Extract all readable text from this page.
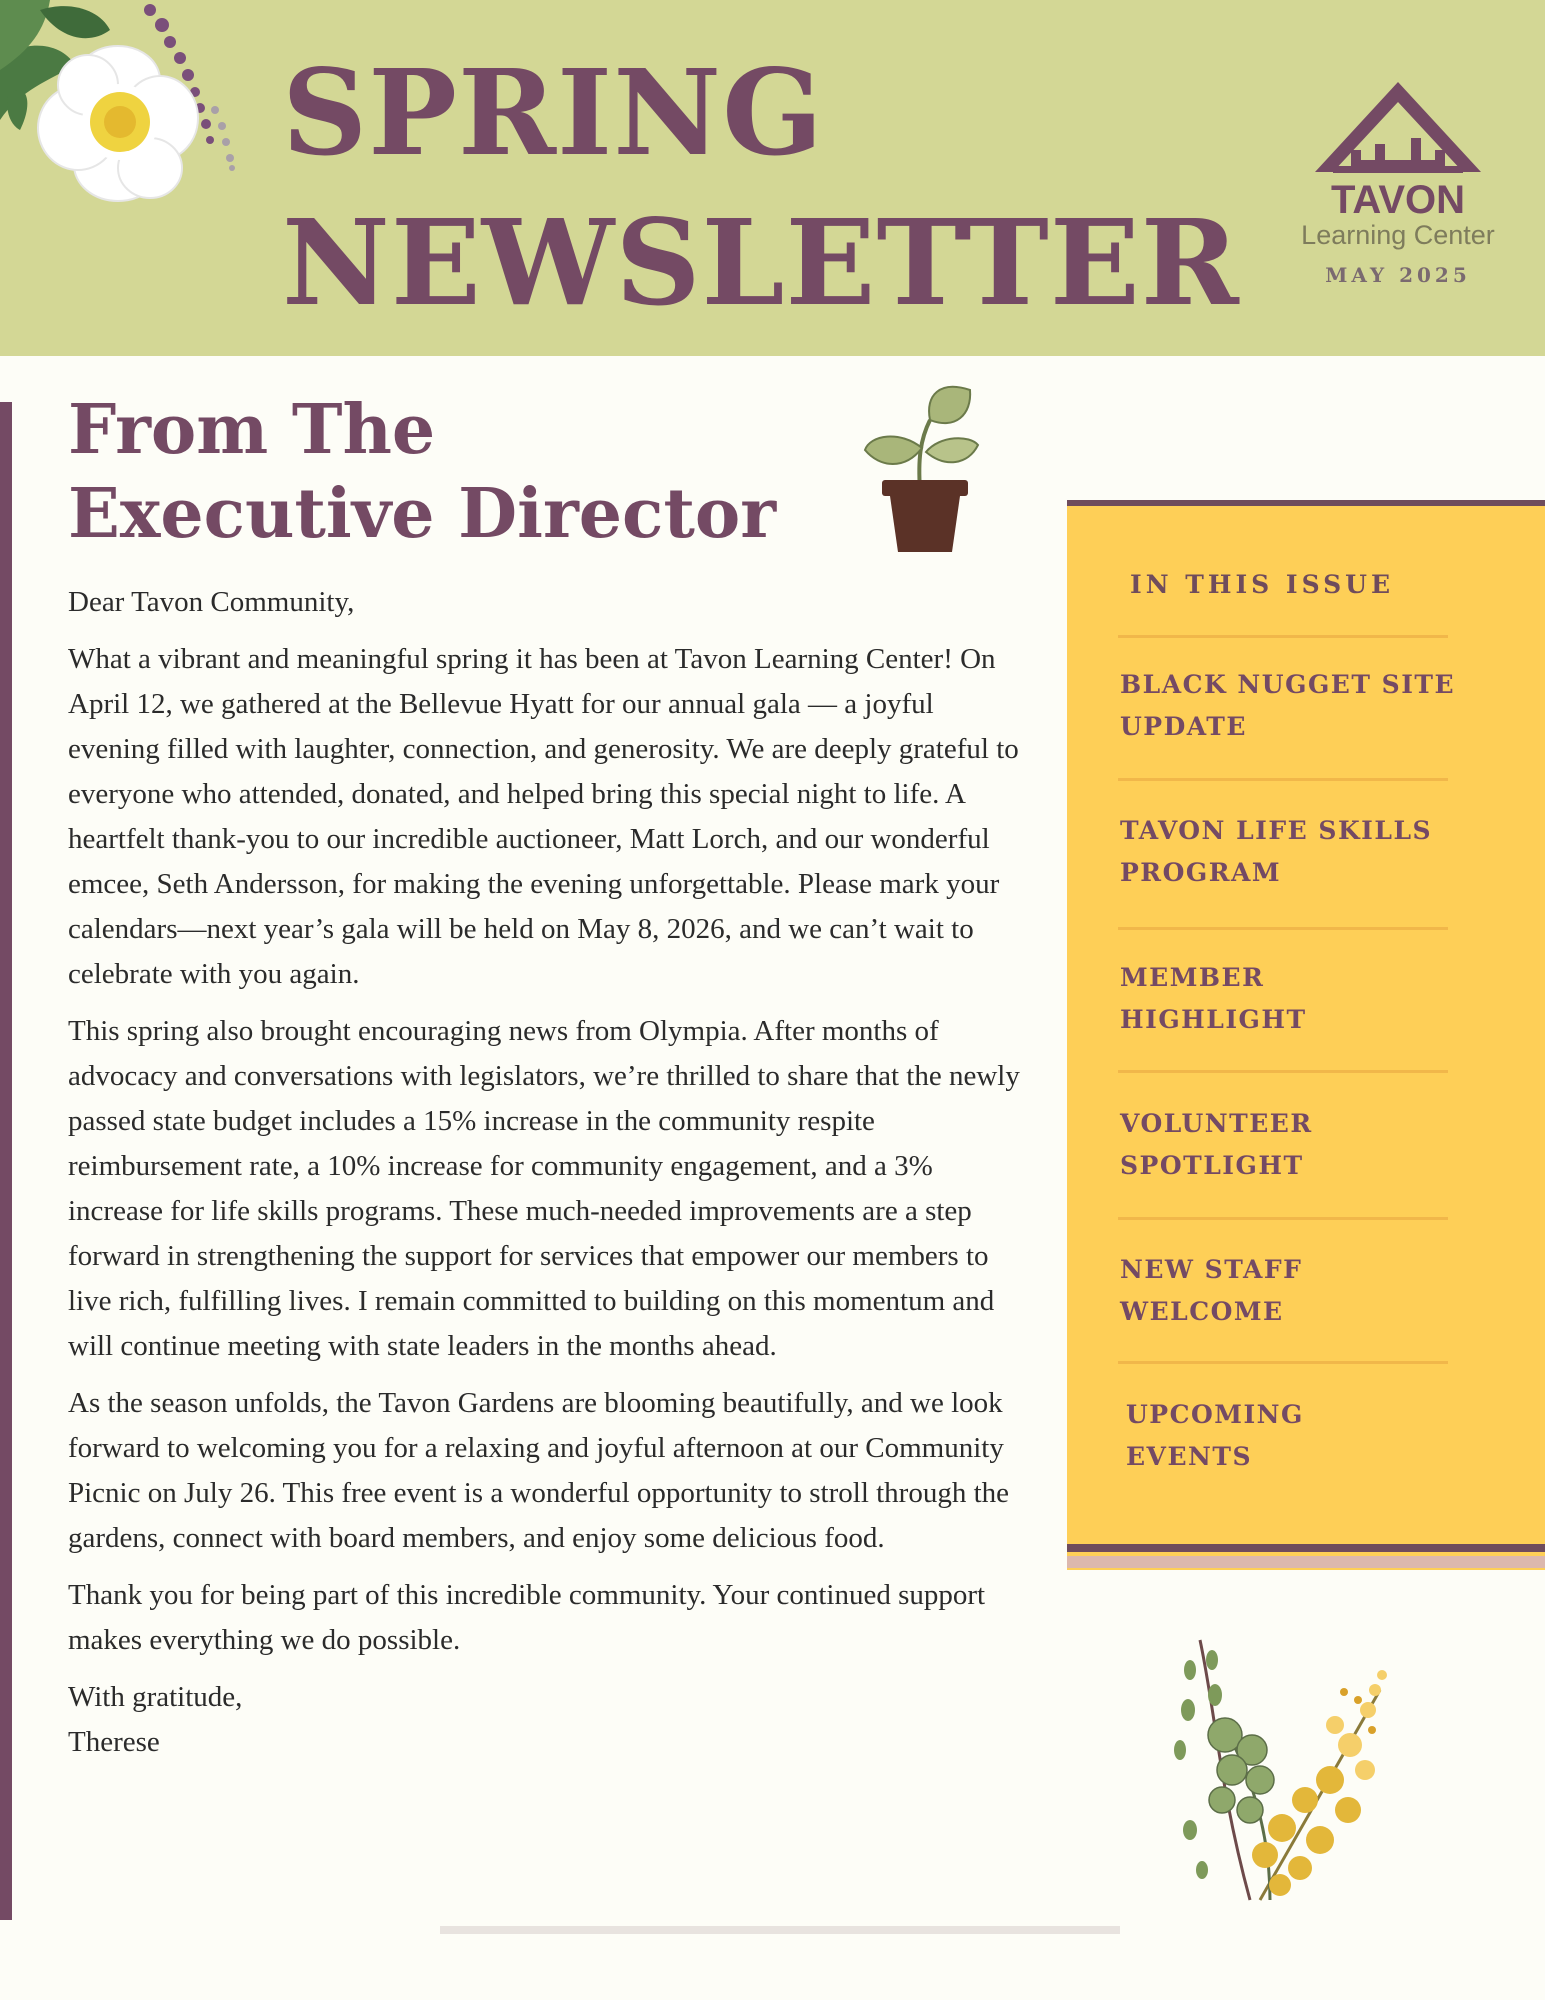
SPRING
NEWSLETTER	TAVON
Learning Center
MAY 2025
From The
Executive Director

Dear Tavon Community,

What a vibrant and meaningful spring it has been at Tavon Learning Center! On April 12, we gathered at the Bellevue Hyatt for our annual gala — a joyful evening filled with laughter, connection, and generosity. We are deeply grateful to everyone who attended, donated, and helped bring this special night to life. A heartfelt thank-you to our incredible auctioneer, Matt Lorch, and our wonderful emcee, Seth Andersson, for making the evening unforgettable. Please mark your calendars—next year’s gala will be held on May 8, 2026, and we can’t wait to celebrate with you again.

This spring also brought encouraging news from Olympia. After months of advocacy and conversations with legislators, we’re thrilled to share that the newly passed state budget includes a 15% increase in the community respite reimbursement rate, a 10% increase for community engagement, and a 3% increase for life skills programs. These much-needed improvements are a step forward in strengthening the support for services that empower our members to live rich, fulfilling lives. I remain committed to building on this momentum and will continue meeting with state leaders in the months ahead.

As the season unfolds, the Tavon Gardens are blooming beautifully, and we look forward to welcoming you for a relaxing and joyful afternoon at our Community Picnic on July 26. This free event is a wonderful opportunity to stroll through the gardens, connect with board members, and enjoy some delicious food.

Thank you for being part of this incredible community. Your continued support makes everything we do possible.

With gratitude,
Therese

IN THIS ISSUE
BLACK NUGGET SITE
UPDATE
TAVON LIFE SKILLS
PROGRAM
MEMBER
HIGHLIGHT
VOLUNTEER
SPOTLIGHT
NEW STAFF
WELCOME
UPCOMING
EVENTS
